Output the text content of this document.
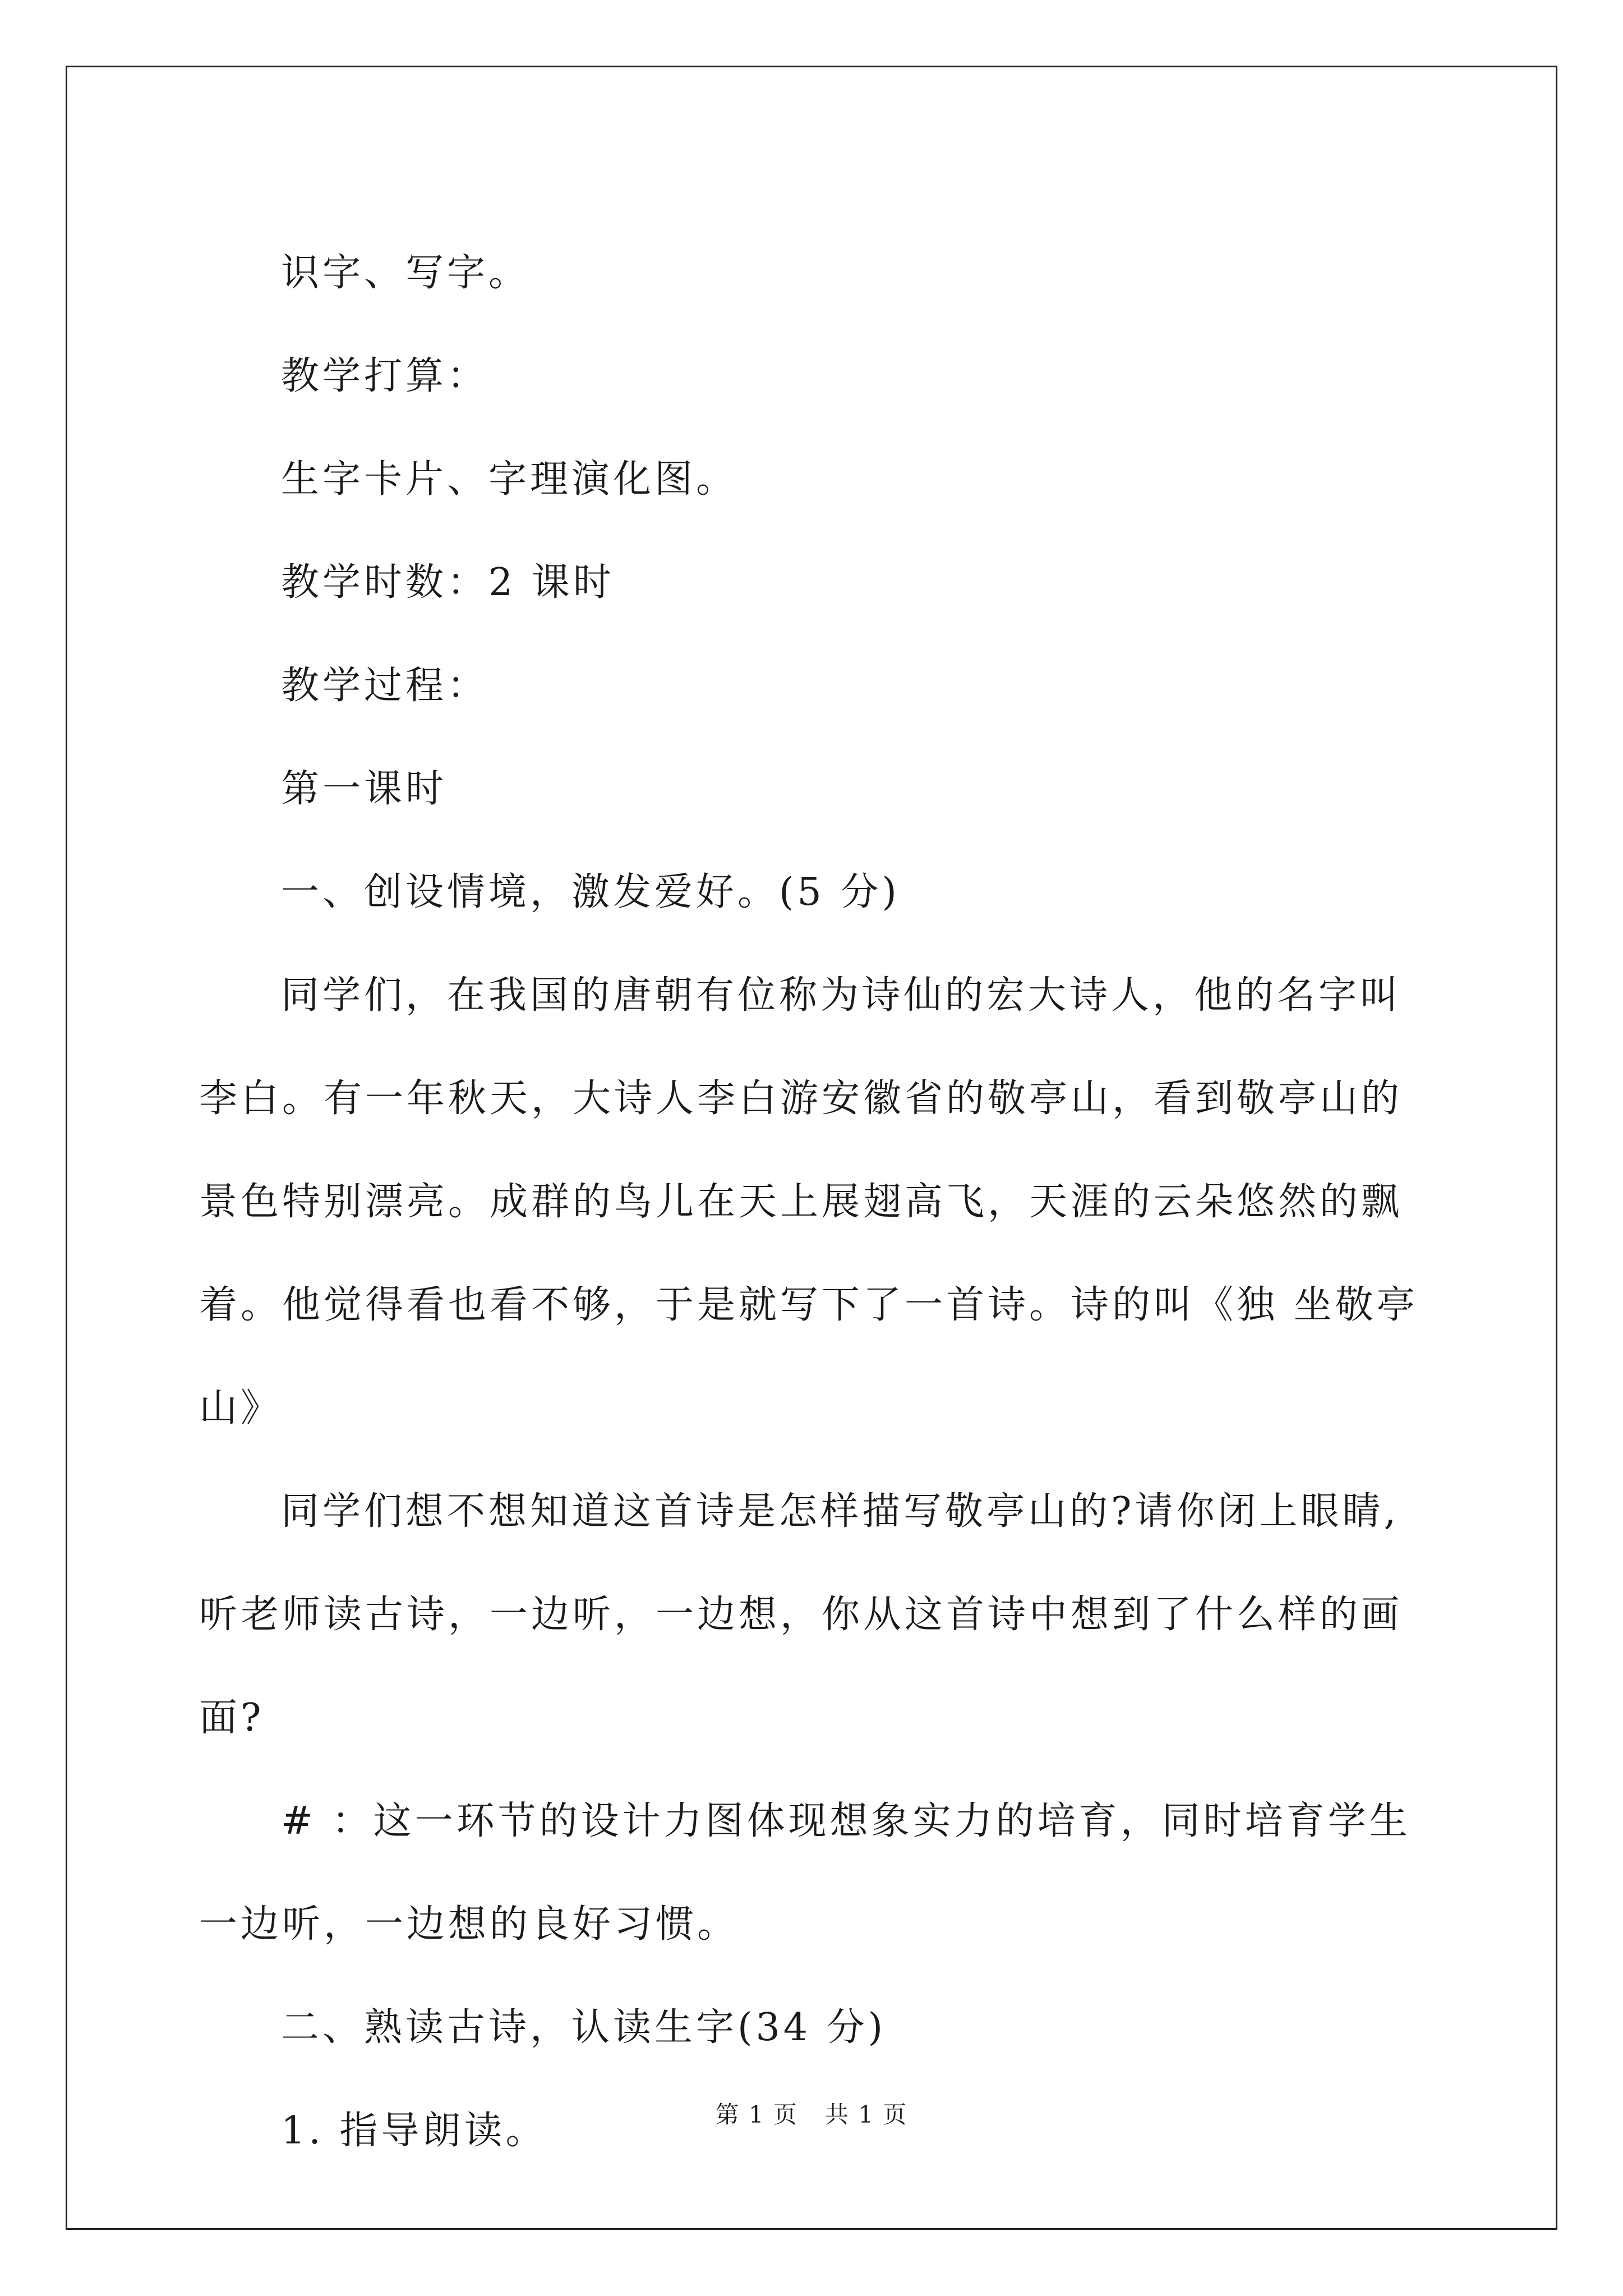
识字、写字。

教学打算：

生字卡片、字理演化图。

教学时数：2 课时

教学过程：

第一课时

一、创设情境，激发爱好。(5 分)

同学们，在我国的唐朝有位称为诗仙的宏大诗人，他的名字叫李白。有一年秋天，大诗人李白游安徽省的敬亭山，看到敬亭山的景色特别漂亮。成群的鸟儿在天上展翅高飞，天涯的云朵悠然的飘着。他觉得看也看不够，于是就写下了一首诗。诗的叫《独 坐敬亭山》

同学们想不想知道这首诗是怎样描写敬亭山的?请你闭上眼睛,听老师读古诗，一边听，一边想，你从这首诗中想到了什么样的画面?

# ：这一环节的设计力图体现想象实力的培育，同时培育学生一边听，一边想的良好习惯。

二、熟读古诗，认读生字(34 分)

1. 指导朗读。	第 1 页 共 1 页
